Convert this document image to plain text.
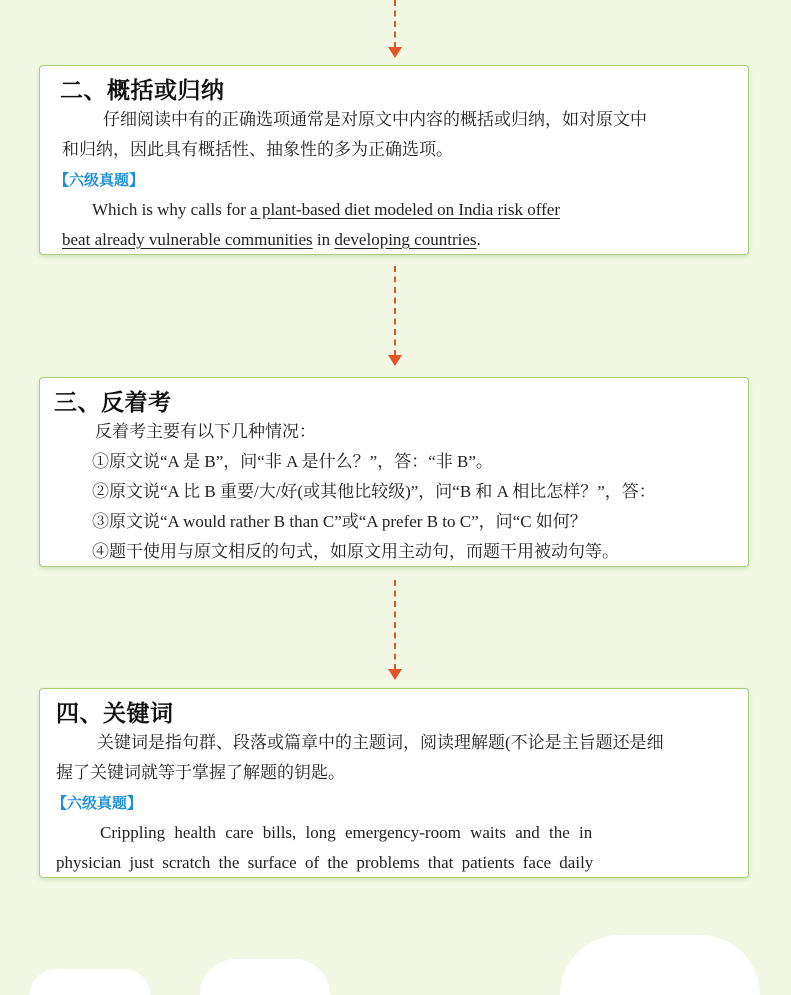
二、概括或归纳
仔细阅读中有的正确选项通常是对原文中内容的概括或归纳，如对原文中
和归纳，因此具有概括性、抽象性的多为正确选项。
【六级真题】
Which is why calls for a plant-based diet modeled on India risk offer
beat already vulnerable communities in developing countries.
三、反着考
反着考主要有以下几种情况：
①原文说“A 是 B”，问“非 A 是什么？”，答：“非 B”。
②原文说“A 比 B 重要/大/好(或其他比较级)”，问“B 和 A 相比怎样？”，答：
③原文说“A would rather B than C”或“A prefer B to C”，问“C 如何？
④题干使用与原文相反的句式，如原文用主动句，而题干用被动句等。
四、关键词
关键词是指句群、段落或篇章中的主题词，阅读理解题(不论是主旨题还是细
握了关键词就等于掌握了解题的钥匙。
【六级真题】
Crippling health care bills, long emergency-room waits and the in
physician just scratch the surface of the problems that patients face daily
